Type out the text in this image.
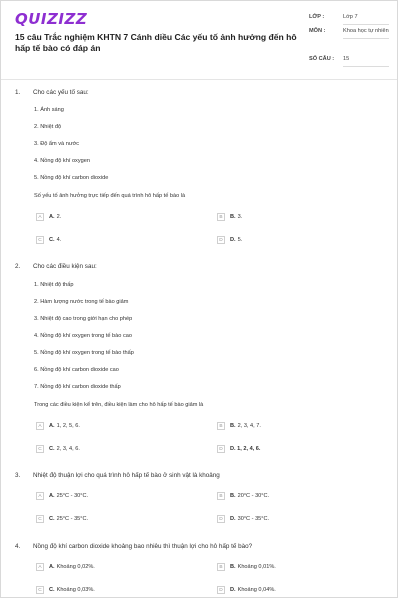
QUIZIZZ
15 câu Trắc nghiệm KHTN 7 Cánh diều Các yếu tố ảnh hưởng đến hô hấp tế bào có đáp án
LỚP :	Lớp 7
MÔN :	Khoa học tự nhiên
SỐ CÂU :	15
1. Cho các yếu tố sau:
1. Ánh sáng
2. Nhiệt độ
3. Độ ẩm và nước
4. Nồng độ khí oxygen
5. Nồng độ khí carbon dioxide
Số yếu tố ảnh hưởng trực tiếp đến quá trình hô hấp tế bào là
A	A. 2.	B	B. 3.
C	C. 4.	D	D. 5.
2. Cho các điều kiện sau:
1. Nhiệt độ thấp
2. Hàm lượng nước trong tế bào giảm
3. Nhiệt độ cao trong giới hạn cho phép
4. Nồng độ khí oxygen trong tế bào cao
5. Nồng độ khí oxygen trong tế bào thấp
6. Nồng độ khí carbon dioxide cao
7. Nồng độ khí carbon dioxide thấp
Trong các điều kiện kể trên, điều kiện làm cho hô hấp tế bào giảm là
A	A. 1, 2, 5, 6.	B	B. 2, 3, 4, 7.
C	C. 2, 3, 4, 6.	D	D. 1, 2, 4, 6.
3. Nhiệt độ thuận lợi cho quá trình hô hấp tế bào ở sinh vật là khoảng
A	A. 25°C - 30°C.	B	B. 20°C - 30°C.
C	C. 25°C - 35°C.	D	D. 30°C - 35°C.
4. Nồng độ khí carbon dioxide khoảng bao nhiêu thì thuận lợi cho hô hấp tế bào?
A	A. Khoảng 0,02%.	B	B. Khoảng 0,01%.
C	C. Khoảng 0,03%.	D	D. Khoảng 0,04%.
